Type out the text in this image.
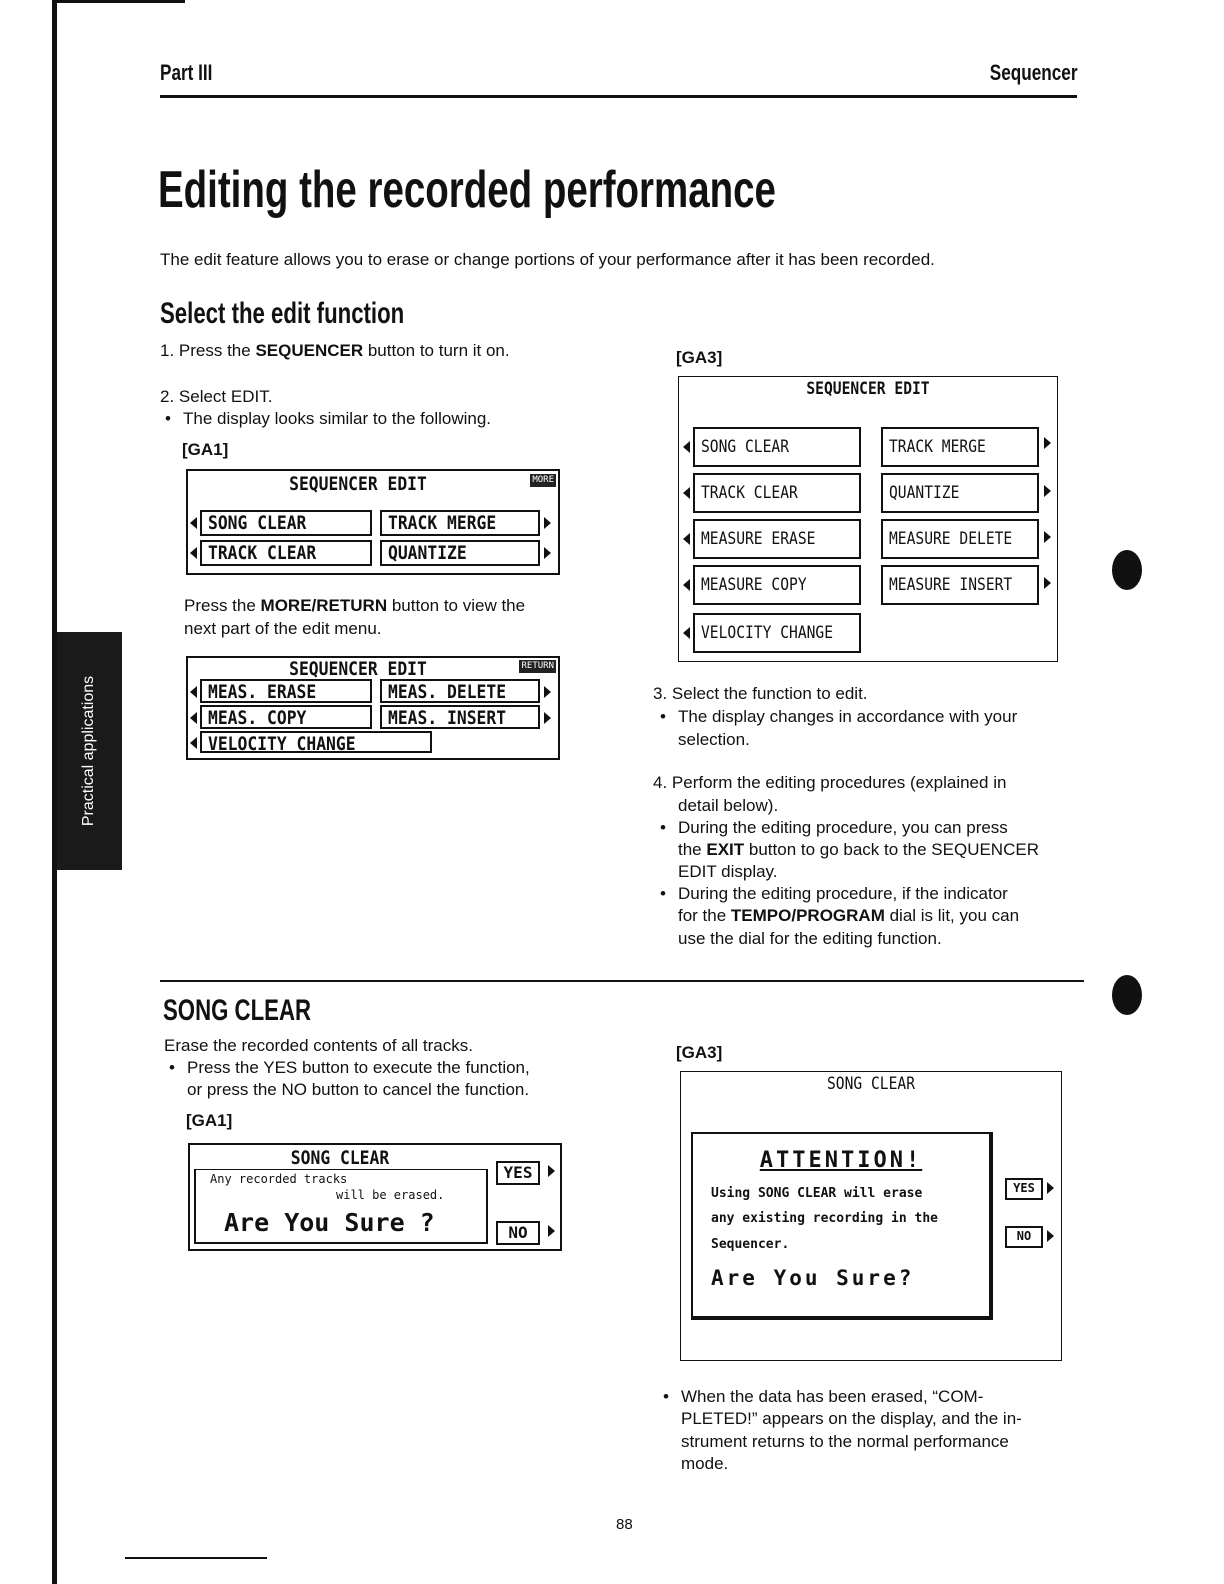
Part III	Sequencer
Editing the recorded performance
The edit feature allows you to erase or change portions of your performance after it has been recorded.
Practical applications
Select the edit function
1. Press the SEQUENCER button to turn it on.
2. Select EDIT.
• The display looks similar to the following.
[GA1]
SEQUENCER EDIT	MORE
SONG CLEAR	TRACK MERGE
TRACK CLEAR	QUANTIZE
Press the MORE/RETURN button to view the
next part of the edit menu.
SEQUENCER EDIT	RETURN
MEAS. ERASE	MEAS. DELETE
MEAS. COPY	MEAS. INSERT
VELOCITY CHANGE
[GA3]
SEQUENCER EDIT
SONG CLEAR	TRACK MERGE
TRACK CLEAR	QUANTIZE
MEASURE ERASE	MEASURE DELETE
MEASURE COPY	MEASURE INSERT
VELOCITY CHANGE
3. Select the function to edit.
• The display changes in accordance with your
selection.
4. Perform the editing procedures (explained in
detail below).
• During the editing procedure, you can press
the EXIT button to go back to the SEQUENCER
EDIT display.
• During the editing procedure, if the indicator
for the TEMPO/PROGRAM dial is lit, you can
use the dial for the editing function.
SONG CLEAR
Erase the recorded contents of all tracks.
• Press the YES button to execute the function,
or press the NO button to cancel the function.
[GA1]
SONG CLEAR
Any recorded tracks
will be erased.
Are You Sure ?
YES
NO
[GA3]
SONG CLEAR
ATTENTION!
Using SONG CLEAR will erase
any existing recording in the
Sequencer.
Are You Sure?
YES
NO
• When the data has been erased, “COM-
PLETED!” appears on the display, and the in-
strument returns to the normal performance
mode.
88
